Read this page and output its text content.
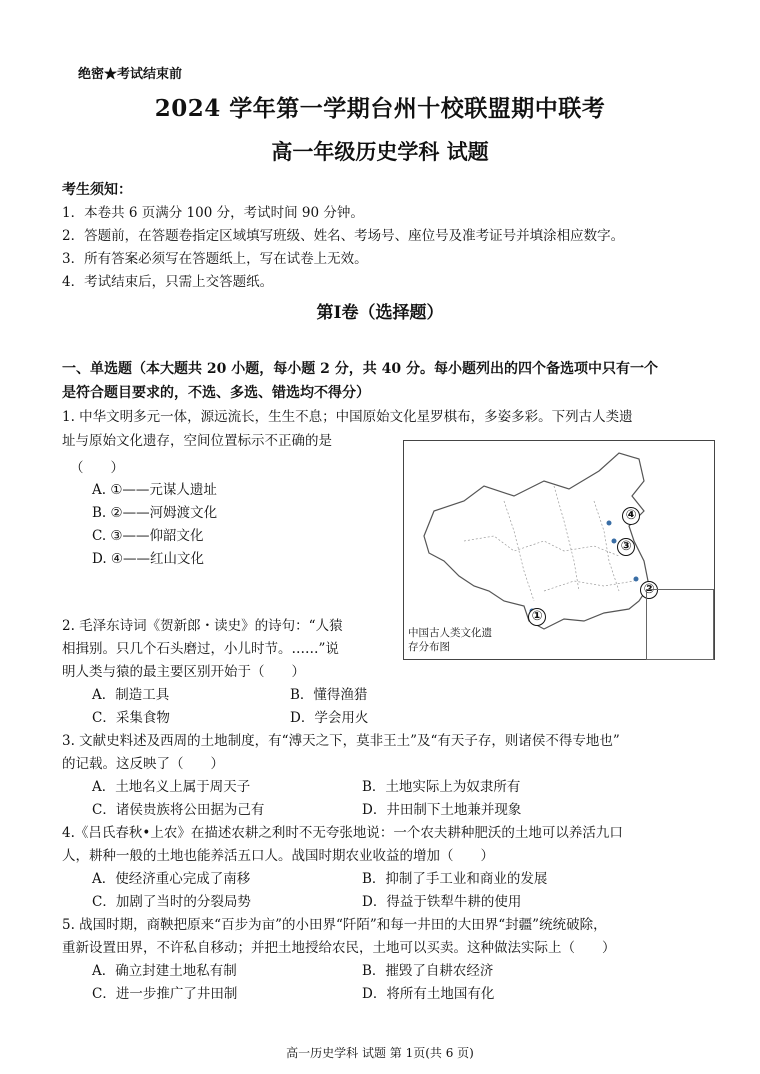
绝密★考试结束前
2024 学年第一学期台州十校联盟期中联考
高一年级历史学科 试题
考生须知：
1．本卷共 6 页满分 100 分，考试时间 90 分钟。
2．答题前，在答题卷指定区域填写班级、姓名、考场号、座位号及准考证号并填涂相应数字。
3．所有答案必须写在答题纸上，写在试卷上无效。
4．考试结束后，只需上交答题纸。
第Ⅰ卷（选择题）
一、单选题（本大题共 20 小题，每小题 2 分，共 40 分。每小题列出的四个备选项中只有一个
是符合题目要求的，不选、多选、错选均不得分）
1. 中华文明多元一体，源远流长，生生不息；中国原始文化星罗棋布，多姿多彩。下列古人类遗
址与原始文化遗存，空间位置标示不正确的是
（　　）
A. ①——元谋人遗址
B. ②——河姆渡文化
C. ③——仰韶文化
D. ④——红山文化
④
③
②
①
中国古人类文化遗存分布图
2. 毛泽东诗词《贺新郎・读史》的诗句：“人猿
相揖别。只几个石头磨过，小儿时节。……”说
明人类与猿的最主要区别开始于（　　）
A．制造工具	B．懂得渔猎
C．采集食物	D．学会用火
3. 文献史料述及西周的土地制度，有“溥天之下，莫非王土”及“有天子存，则诸侯不得专地也”
的记载。这反映了（　　）
A．土地名义上属于周天子	B．土地实际上为奴隶所有
C．诸侯贵族将公田据为己有	D．井田制下土地兼并现象
4.《吕氏春秋•上农》在描述农耕之利时不无夸张地说：一个农夫耕种肥沃的土地可以养活九口
人，耕种一般的土地也能养活五口人。战国时期农业收益的增加（　　）
A．使经济重心完成了南移	B．抑制了手工业和商业的发展
C．加剧了当时的分裂局势	D．得益于铁犁牛耕的使用
5. 战国时期，商鞅把原来“百步为亩”的小田界“阡陌”和每一井田的大田界“封疆”统统破除，
重新设置田界，不许私自移动；并把土地授给农民，土地可以买卖。这种做法实际上（　　）
A．确立封建土地私有制	B．摧毁了自耕农经济
C．进一步推广了井田制	D．将所有土地国有化
高一历史学科 试题 第 1页(共 6 页)
